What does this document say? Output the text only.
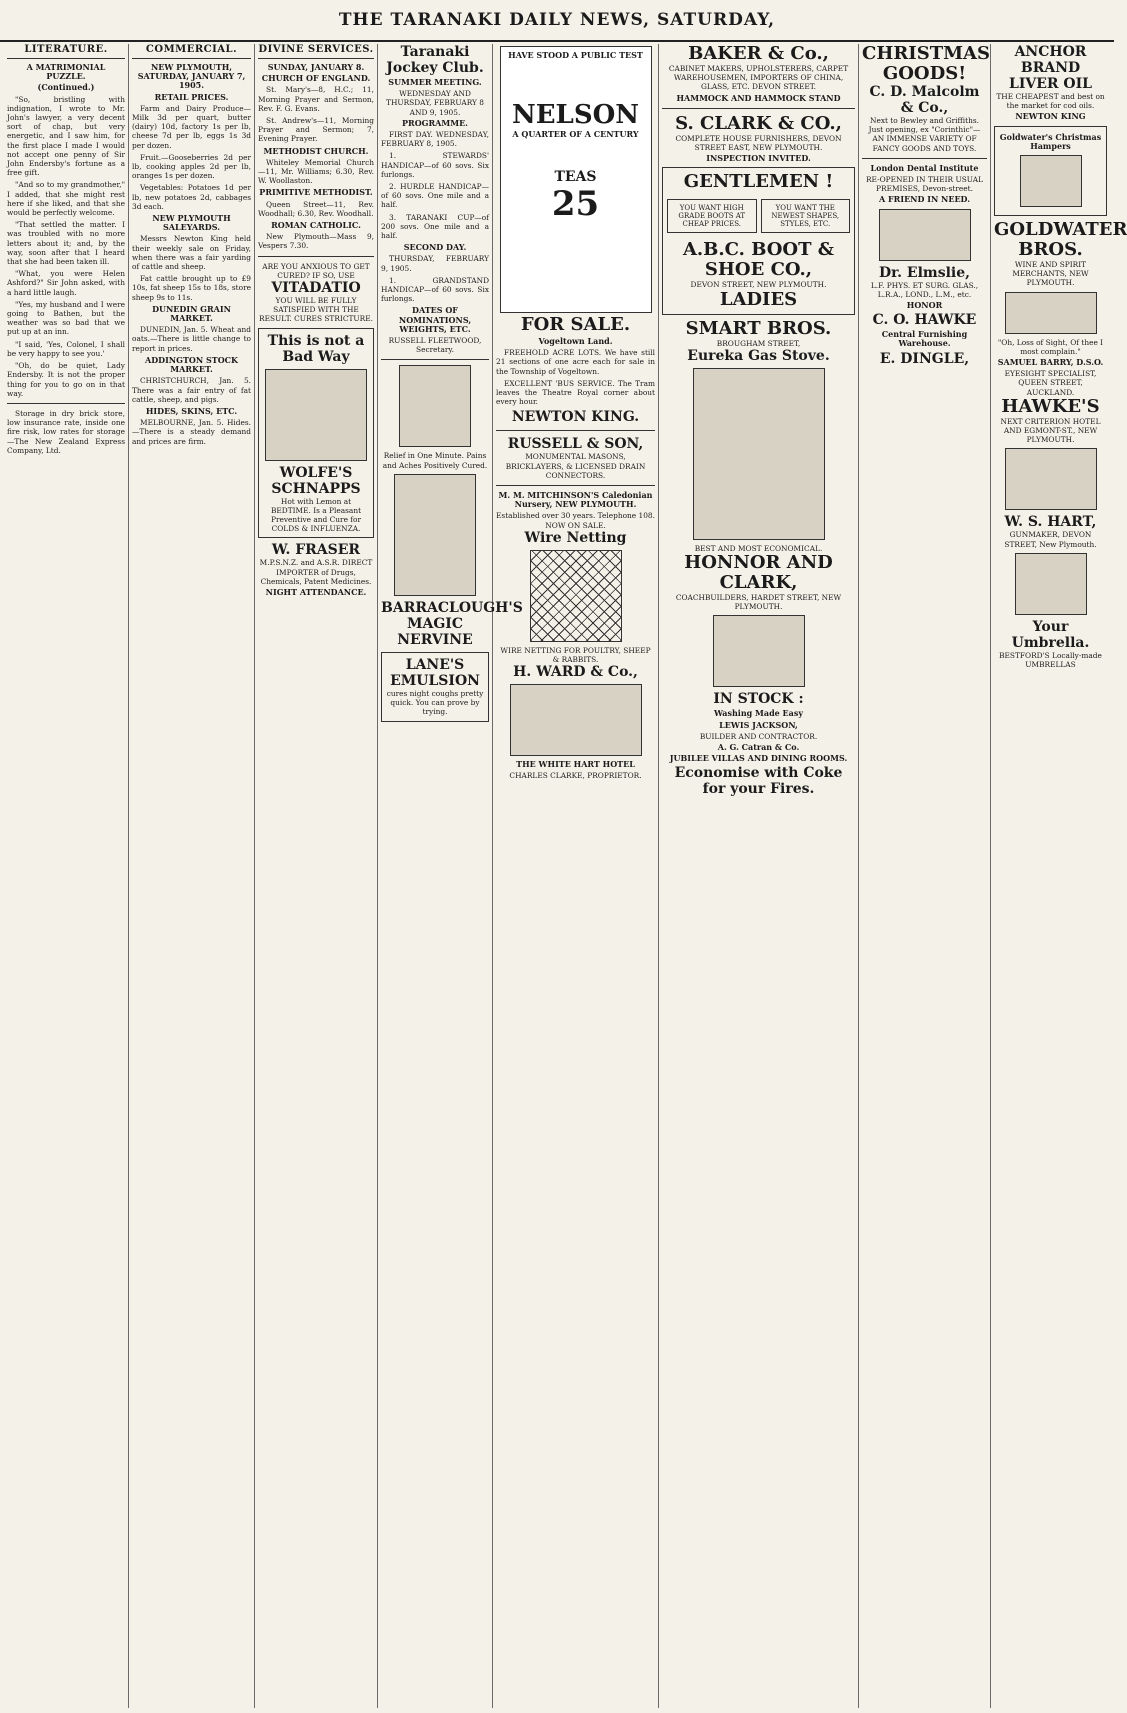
THE TARANAKI DAILY NEWS, SATURDAY,
LITERATURE.
A MATRIMONIAL PUZZLE.
(Continued.)

"So, bristling with indignation, I wrote to Mr. John's lawyer, a very decent sort of chap, but very energetic, and I saw him, for the first place I made I would not accept one penny of Sir John Endersby's fortune as a free gift.

"And so to my grandmother," I added, that she might rest here if she liked, and that she would be perfectly welcome.

"That settled the matter. I was troubled with no more letters about it; and, by the way, soon after that I heard that she had been taken ill.

"What, you were Helen Ashford?" Sir John asked, with a hard little laugh.

"Yes, my husband and I were going to Bathen, but the weather was so bad that we put up at an inn.

"I said, 'Yes, Colonel, I shall be very happy to see you.'

"Oh, do be quiet, Lady Endersby. It is not the proper thing for you to go on in that way.

Storage in dry brick store, low insurance rate, inside one fire risk, low rates for storage—The New Zealand Express Company, Ltd.

COMMERCIAL.
NEW PLYMOUTH, SATURDAY, JANUARY 7, 1905.
RETAIL PRICES.

Farm and Dairy Produce—Milk 3d per quart, butter (dairy) 10d, factory 1s per lb, cheese 7d per lb, eggs 1s 3d per dozen.

Fruit.—Gooseberries 2d per lb, cooking apples 2d per lb, oranges 1s per dozen.

Vegetables: Potatoes 1d per lb, new potatoes 2d, cabbages 3d each.

NEW PLYMOUTH SALEYARDS.

Messrs Newton King held their weekly sale on Friday, when there was a fair yarding of cattle and sheep.

Fat cattle brought up to £9 10s, fat sheep 15s to 18s, store sheep 9s to 11s.

DUNEDIN GRAIN MARKET.

DUNEDIN, Jan. 5. Wheat and oats.—There is little change to report in prices.

ADDINGTON STOCK MARKET.

CHRISTCHURCH, Jan. 5. There was a fair entry of fat cattle, sheep, and pigs.

HIDES, SKINS, ETC.

MELBOURNE, Jan. 5. Hides.—There is a steady demand and prices are firm.

DIVINE SERVICES.
SUNDAY, JANUARY 8.
CHURCH OF ENGLAND.

St. Mary's—8, H.C.; 11, Morning Prayer and Sermon, Rev. F. G. Evans.

St. Andrew's—11, Morning Prayer and Sermon; 7, Evening Prayer.

METHODIST CHURCH.

Whiteley Memorial Church—11, Mr. Williams; 6.30, Rev. W. Woollaston.

PRIMITIVE METHODIST.

Queen Street—11, Rev. Woodhall; 6.30, Rev. Woodhall.

ROMAN CATHOLIC.

New Plymouth—Mass 9, Vespers 7.30.

ARE YOU ANXIOUS TO GET CURED? IF SO, USE
VITADATIO
YOU WILL BE FULLY SATISFIED WITH THE RESULT. CURES STRICTURE.
This is not a Bad Way
WOLFE'S SCHNAPPS
Hot with Lemon at BEDTIME. Is a Pleasant Preventive and Cure for COLDS & INFLUENZA.
W. FRASER
M.P.S.N.Z. and A.S.R. DIRECT IMPORTER of Drugs, Chemicals, Patent Medicines.
NIGHT ATTENDANCE.
Taranaki Jockey Club.
SUMMER MEETING.
WEDNESDAY AND THURSDAY, FEBRUARY 8 AND 9, 1905.
PROGRAMME.

FIRST DAY. WEDNESDAY, FEBRUARY 8, 1905.

1. STEWARDS' HANDICAP—of 60 sovs. Six furlongs.

2. HURDLE HANDICAP—of 60 sovs. One mile and a half.

3. TARANAKI CUP—of 200 sovs. One mile and a half.

SECOND DAY.

THURSDAY, FEBRUARY 9, 1905.

1. GRANDSTAND HANDICAP—of 60 sovs. Six furlongs.

DATES OF NOMINATIONS, WEIGHTS, ETC.
RUSSELL FLEETWOOD, Secretary.
Relief in One Minute. Pains and Aches Positively Cured.
BARRACLOUGH'S MAGIC NERVINE
LANE'S EMULSION
cures night coughs pretty quick. You can prove by trying.
HAVE STOOD A PUBLIC TEST
NELSON
A QUARTER OF A CENTURY
TEAS
25
FOR SALE.
Vogeltown Land.

FREEHOLD ACRE LOTS. We have still 21 sections of one acre each for sale in the Township of Vogeltown.

EXCELLENT 'BUS SERVICE. The Tram leaves the Theatre Royal corner about every hour.

NEWTON KING.
RUSSELL & SON,
MONUMENTAL MASONS, BRICKLAYERS, & LICENSED DRAIN CONNECTORS.
M. M. MITCHINSON'S Caledonian Nursery, NEW PLYMOUTH.
Established over 30 years. Telephone 108. NOW ON SALE.
Wire Netting
WIRE NETTING FOR POULTRY, SHEEP & RABBITS.
H. WARD & Co.,
THE WHITE HART HOTEL
CHARLES CLARKE, PROPRIETOR.
BAKER & Co.,
CABINET MAKERS, UPHOLSTERERS, CARPET WAREHOUSEMEN, IMPORTERS OF CHINA, GLASS, ETC. DEVON STREET.
HAMMOCK AND HAMMOCK STAND
S. CLARK & CO.,
COMPLETE HOUSE FURNISHERS, DEVON STREET EAST, NEW PLYMOUTH.
INSPECTION INVITED.
GENTLEMEN !
YOU WANT HIGH GRADE BOOTS AT CHEAP PRICES.
YOU WANT THE NEWEST SHAPES, STYLES, ETC.
A.B.C. BOOT & SHOE CO.,
DEVON STREET, NEW PLYMOUTH.
LADIES
SMART BROS.
BROUGHAM STREET,
Eureka Gas Stove.
BEST AND MOST ECONOMICAL.
HONNOR AND CLARK,
COACHBUILDERS, HARDET STREET, NEW PLYMOUTH.
IN STOCK :
Washing Made Easy
LEWIS JACKSON,
BUILDER AND CONTRACTOR.
A. G. Catran & Co.
JUBILEE VILLAS AND DINING ROOMS.
Economise with Coke for your Fires.
CHRISTMAS GOODS!
C. D. Malcolm & Co.,
Next to Bewley and Griffiths. Just opening, ex "Corinthic"— AN IMMENSE VARIETY OF FANCY GOODS AND TOYS.
London Dental Institute
RE-OPENED IN THEIR USUAL PREMISES, Devon-street.
A FRIEND IN NEED.
Dr. Elmslie,
L.F. PHYS. ET SURG. GLAS., L.R.A., LOND., L.M., etc.
HONOR
C. O. HAWKE
Central Furnishing Warehouse.
E. DINGLE,
ANCHOR BRAND LIVER OIL
THE CHEAPEST and best on the market for cod oils.
NEWTON KING
Goldwater's Christmas Hampers
GOLDWATER BROS.
WINE AND SPIRIT MERCHANTS, NEW PLYMOUTH.
"Oh, Loss of Sight, Of thee I most complain."
SAMUEL BARRY, D.S.O.
EYESIGHT SPECIALIST, QUEEN STREET, AUCKLAND.
HAWKE'S
NEXT CRITERION HOTEL AND EGMONT-ST., NEW PLYMOUTH.
W. S. HART,
GUNMAKER, DEVON STREET, New Plymouth.
Your Umbrella.
BESTFORD'S Locally-made UMBRELLAS
